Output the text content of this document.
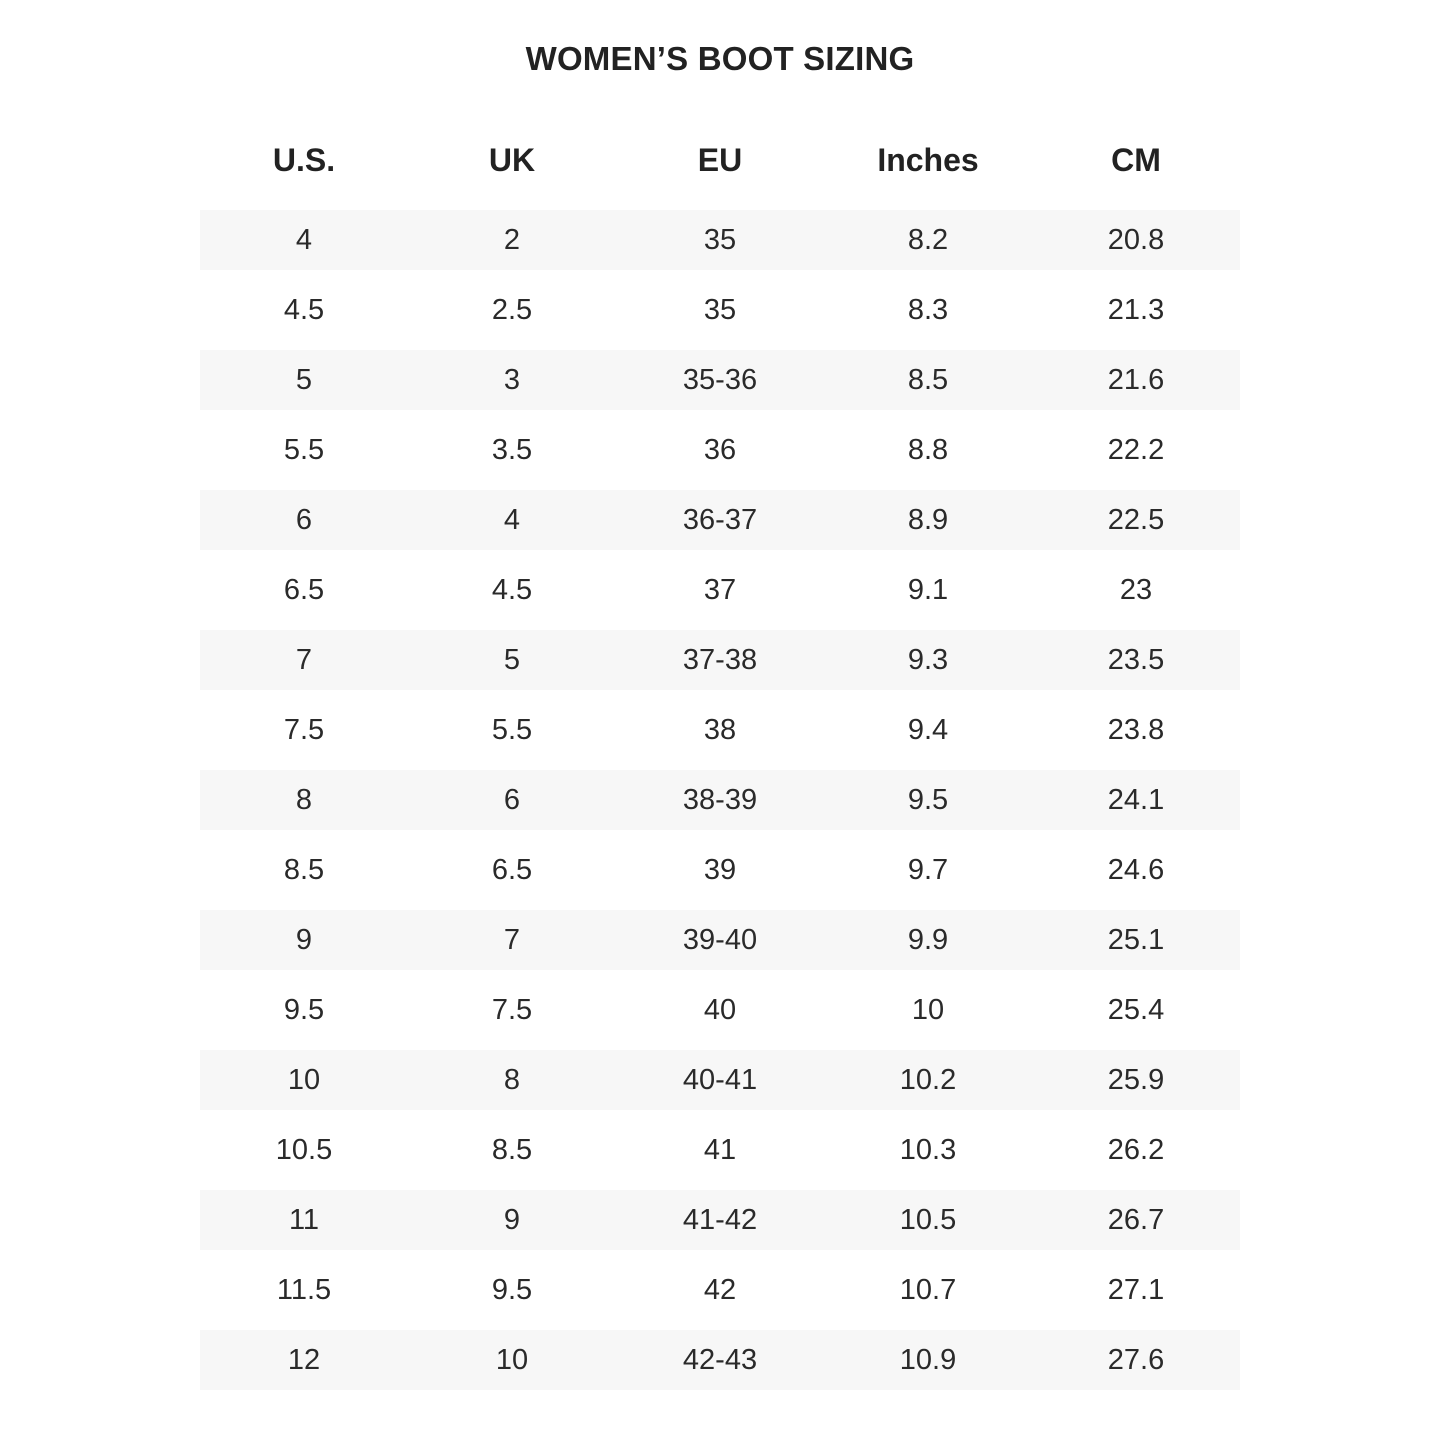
WOMEN’S BOOT SIZING
U.S.	UK	EU	Inches	CM
4	2	35	8.2	20.8
4.5	2.5	35	8.3	21.3
5	3	35-36	8.5	21.6
5.5	3.5	36	8.8	22.2
6	4	36-37	8.9	22.5
6.5	4.5	37	9.1	23
7	5	37-38	9.3	23.5
7.5	5.5	38	9.4	23.8
8	6	38-39	9.5	24.1
8.5	6.5	39	9.7	24.6
9	7	39-40	9.9	25.1
9.5	7.5	40	10	25.4
10	8	40-41	10.2	25.9
10.5	8.5	41	10.3	26.2
11	9	41-42	10.5	26.7
11.5	9.5	42	10.7	27.1
12	10	42-43	10.9	27.6
